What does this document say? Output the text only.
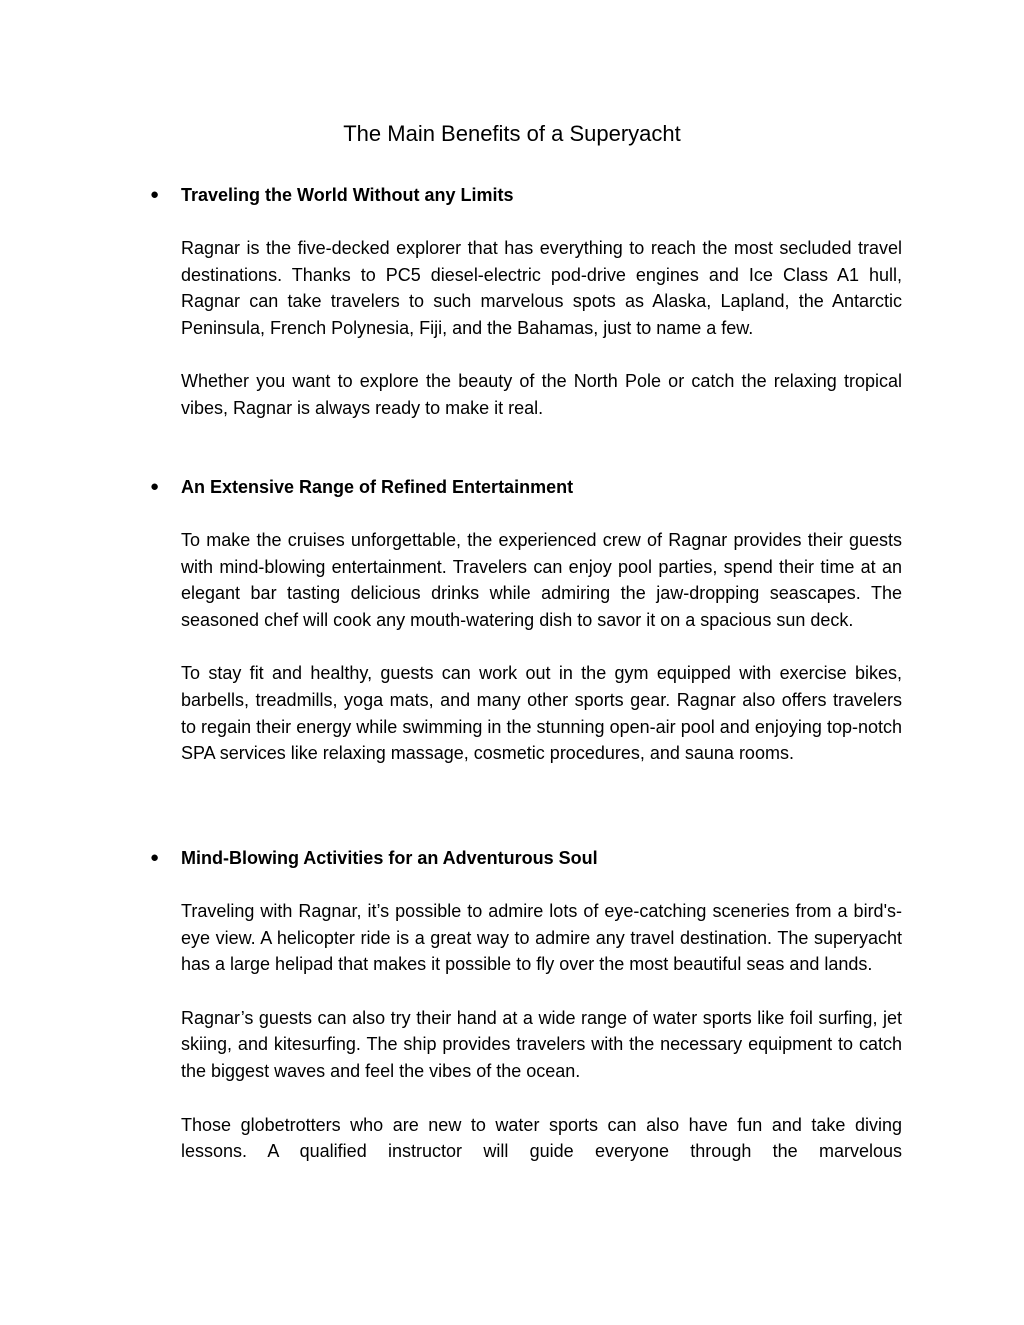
The Main Benefits of a Superyacht
● Traveling the World Without any Limits

Ragnar is the five-decked explorer that has everything to reach the most secluded travel destinations. Thanks to PC5 diesel-electric pod-drive engines and Ice Class A1 hull, Ragnar can take travelers to such marvelous spots as Alaska, Lapland, the Antarctic Peninsula, French Polynesia, Fiji, and the Bahamas, just to name a few.

Whether you want to explore the beauty of the North Pole or catch the relaxing tropical vibes, Ragnar is always ready to make it real.

● An Extensive Range of Refined Entertainment

To make the cruises unforgettable, the experienced crew of Ragnar provides their guests with mind-blowing entertainment. Travelers can enjoy pool parties, spend their time at an elegant bar tasting delicious drinks while admiring the jaw-dropping seascapes. The seasoned chef will cook any mouth-watering dish to savor it on a spacious sun deck.

To stay fit and healthy, guests can work out in the gym equipped with exercise bikes, barbells, treadmills, yoga mats, and many other sports gear. Ragnar also offers travelers to regain their energy while swimming in the stunning open-air pool and enjoying top-notch SPA services like relaxing massage, cosmetic procedures, and sauna rooms.

● Mind-Blowing Activities for an Adventurous Soul

Traveling with Ragnar, it’s possible to admire lots of eye-catching sceneries from a bird's-eye view. A helicopter ride is a great way to admire any travel destination. The superyacht has a large helipad that makes it possible to fly over the most beautiful seas and lands.

Ragnar’s guests can also try their hand at a wide range of water sports like foil surfing, jet skiing, and kitesurfing. The ship provides travelers with the necessary equipment to catch the biggest waves and feel the vibes of the ocean.

Those globetrotters who are new to water sports can also have fun and take diving lessons. A qualified instructor will guide everyone through the marvelous
